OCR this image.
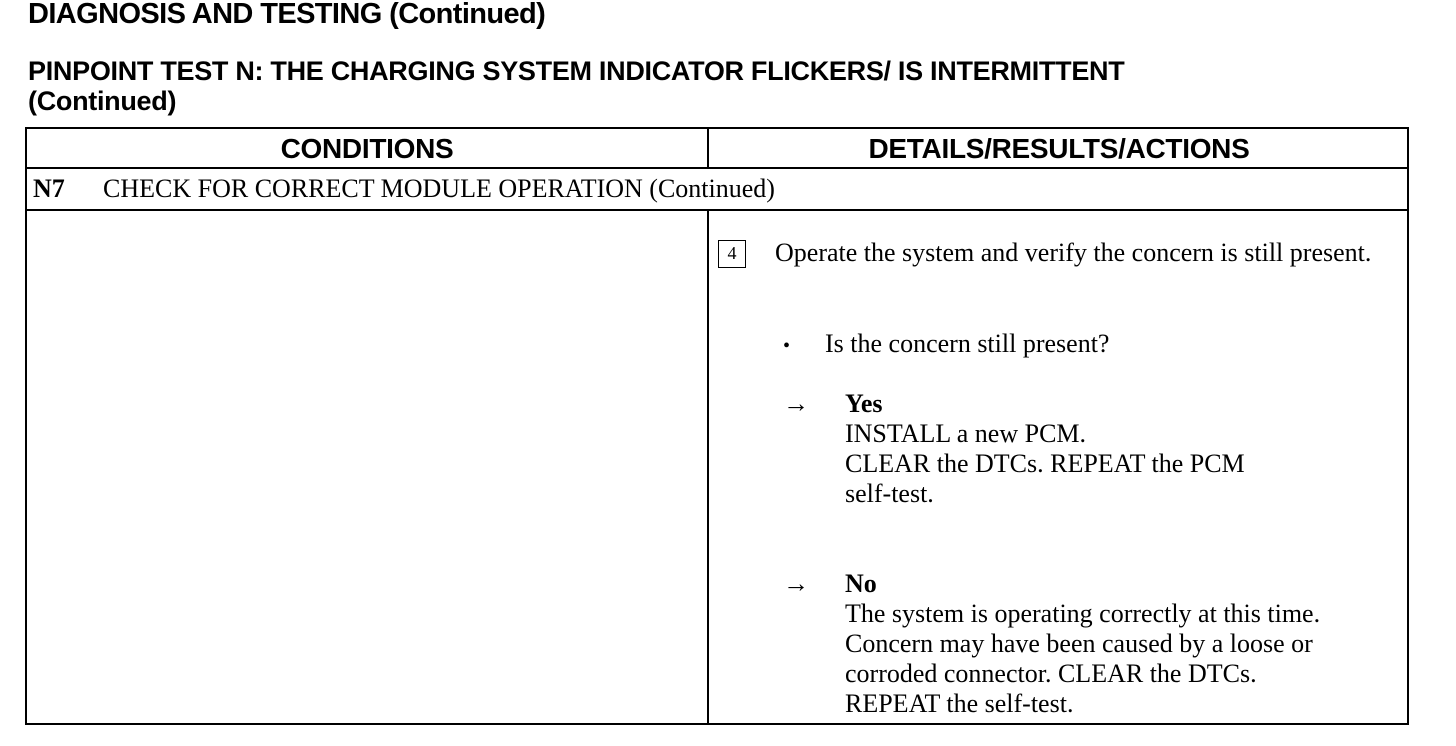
DIAGNOSIS AND TESTING (Continued)
PINPOINT TEST N: THE CHARGING SYSTEM INDICATOR FLICKERS/ IS INTERMITTENT
(Continued)
CONDITIONS	DETAILS/RESULTS/ACTIONS
N7 CHECK FOR CORRECT MODULE OPERATION (Continued)
4	Operate the system and verify the concern is still present.
• Is the concern still present?
→ Yes
INSTALL a new PCM.
CLEAR the DTCs. REPEAT the PCM
self-test.
→ No
The system is operating correctly at this time.
Concern may have been caused by a loose or
corroded connector. CLEAR the DTCs.
REPEAT the self-test.
